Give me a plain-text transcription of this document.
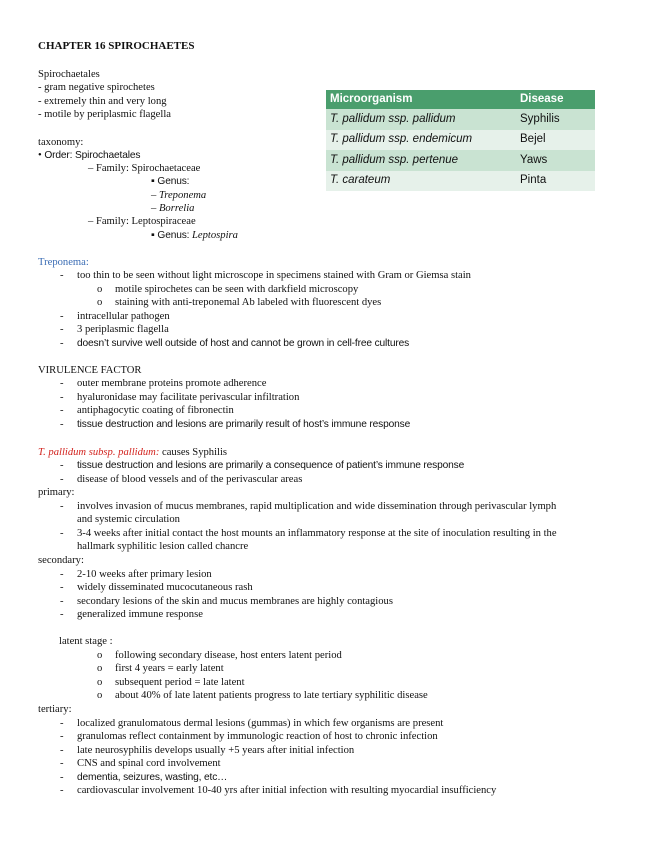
CHAPTER 16 SPIROCHAETES
Spirochaetales
- gram negative spirochetes
- extremely thin and very long
- motile by periplasmic flagella
Microorganism	Disease
T. pallidum ssp. pallidum	Syphilis
T. pallidum ssp. endemicum	Bejel
T. pallidum ssp. pertenue	Yaws
T. carateum	Pinta
taxonomy:
• Order: Spirochaetales
– Family: Spirochaetaceae
▪ Genus:
– Treponema
– Borrelia
– Family: Leptospiraceae
▪ Genus: Leptospira
Treponema:
- too thin to be seen without light microscope in specimens stained with Gram or Giemsa stain
o motile spirochetes can be seen with darkfield microscopy
o staining with anti-treponemal Ab labeled with fluorescent dyes
- intracellular pathogen
- 3 periplasmic flagella
- doesn’t survive well outside of host and cannot be grown in cell-free cultures
VIRULENCE FACTOR
- outer membrane proteins promote adherence
- hyaluronidase may facilitate perivascular infiltration
- antiphagocytic coating of fibronectin
- tissue destruction and lesions are primarily result of host’s immune response
T. pallidum subsp. pallidum: causes Syphilis
- tissue destruction and lesions are primarily a consequence of patient’s immune response
- disease of blood vessels and of the perivascular areas
primary:
- involves invasion of mucus membranes, rapid multiplication and wide dissemination through perivascular lymph
and systemic circulation
- 3-4 weeks after initial contact the host mounts an inflammatory response at the site of inoculation resulting in the
hallmark syphilitic lesion called chancre
secondary:
- 2-10 weeks after primary lesion
- widely disseminated mucocutaneous rash
- secondary lesions of the skin and mucus membranes are highly contagious
- generalized immune response
latent stage :
o following secondary disease, host enters latent period
o first 4 years = early latent
o subsequent period = late latent
o about 40% of late latent patients progress to late tertiary syphilitic disease
tertiary:
- localized granulomatous dermal lesions (gummas) in which few organisms are present
- granulomas reflect containment by immunologic reaction of host to chronic infection
- late neurosyphilis develops usually +5 years after initial infection
- CNS and spinal cord involvement
- dementia, seizures, wasting, etc…
- cardiovascular involvement 10-40 yrs after initial infection with resulting myocardial insufficiency
